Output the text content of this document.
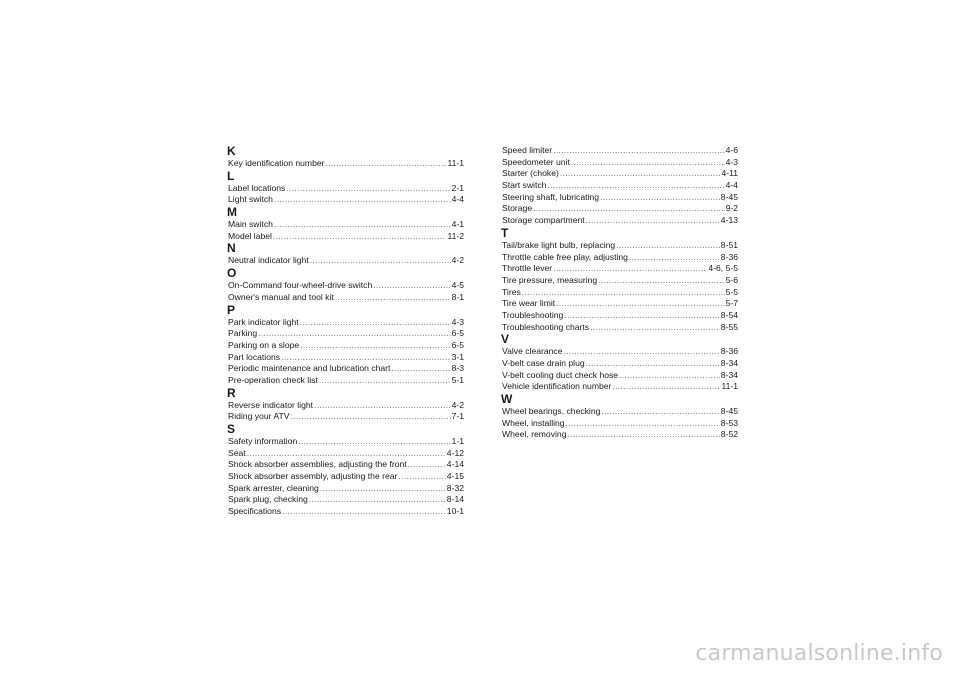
K
Key identification number .....	11-1
L
Label locations .....	2-1
Light switch .....	4-4
M
Main switch .....	4-1
Model label .....	11-2
N
Neutral indicator light .....	4-2
O
On-Command four-wheel-drive switch .....	4-5
Owner's manual and tool kit .....	8-1
P
Park indicator light .....	4-3
Parking .....	6-5
Parking on a slope .....	6-5
Part locations .....	3-1
Periodic maintenance and lubrication chart .....	8-3
Pre-operation check list .....	5-1
R
Reverse indicator light .....	4-2
Riding your ATV .....	7-1
S
Safety information .....	1-1
Seat .....	4-12
Shock absorber assemblies, adjusting the front .....	4-14
Shock absorber assembly, adjusting the rear .....	4-15
Spark arrester, cleaning .....	8-32
Spark plug, checking .....	8-14
Specifications .....	10-1
Speed limiter .....	4-6
Speedometer unit .....	4-3
Starter (choke) .....	4-11
Start switch .....	4-4
Steering shaft, lubricating .....	8-45
Storage .....	9-2
Storage compartment .....	4-13
T
Tail/brake light bulb, replacing .....	8-51
Throttle cable free play, adjusting .....	8-36
Throttle lever .....	4-6, 5-5
Tire pressure, measuring .....	5-6
Tires .....	5-5
Tire wear limit .....	5-7
Troubleshooting .....	8-54
Troubleshooting charts .....	8-55
V
Valve clearance .....	8-36
V-belt case drain plug .....	8-34
V-belt cooling duct check hose .....	8-34
Vehicle identification number .....	11-1
W
Wheel bearings, checking .....	8-45
Wheel, installing .....	8-53
Wheel, removing .....	8-52
carmanualsonline.info
